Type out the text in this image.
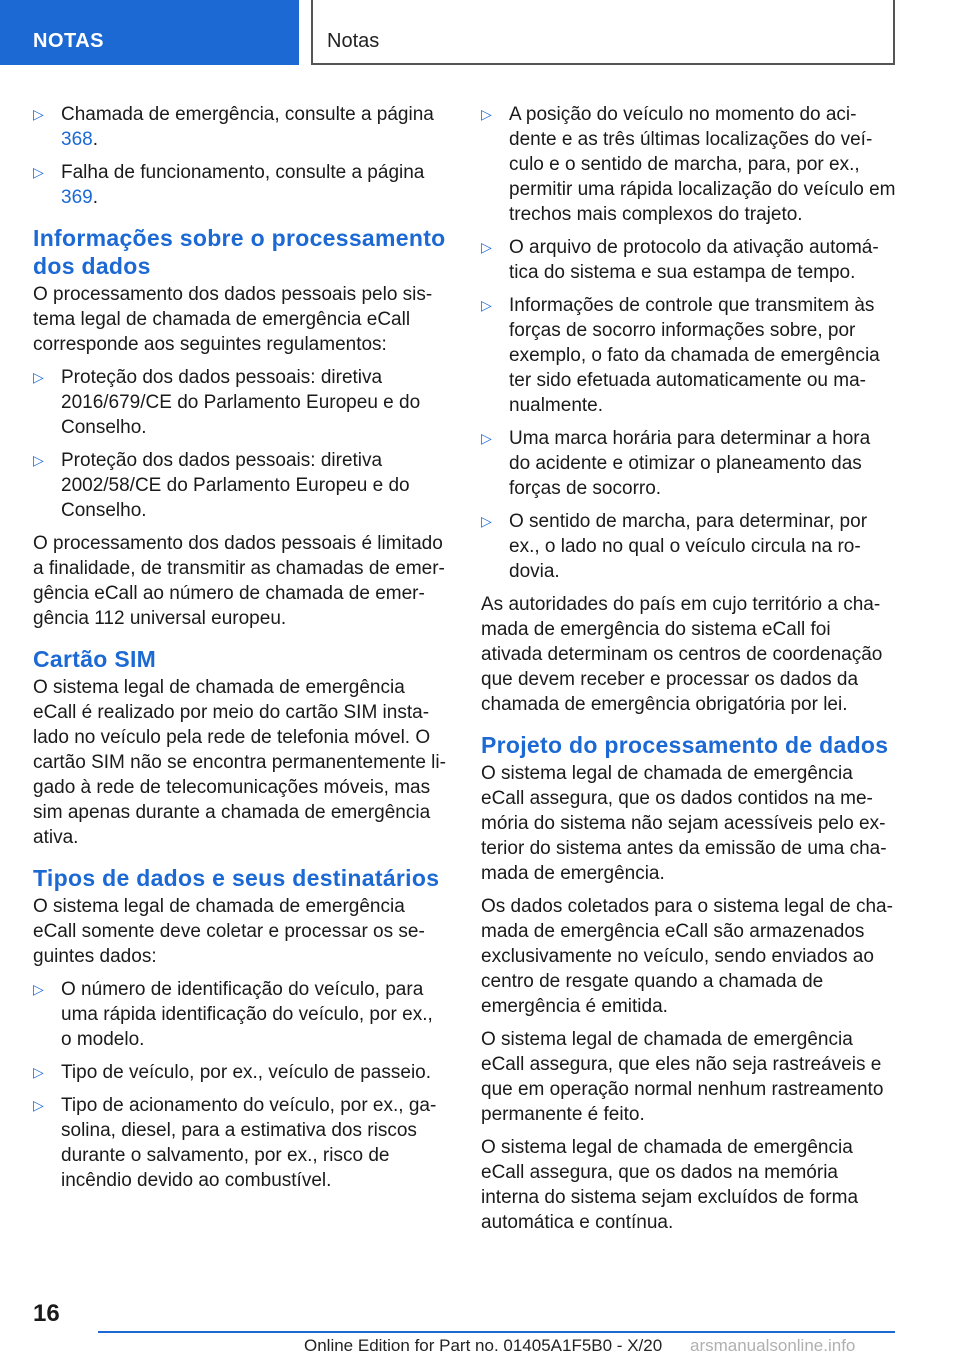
NOTAS	Notas
▷ Chamada de emergência, consulte a página 368.
▷ Falha de funcionamento, consulte a página 369.
Informações sobre o processamento dos dados

O processamento dos dados pessoais pelo sistema legal de chamada de emergência eCall corresponde aos seguintes regulamentos:

▷ Proteção dos dados pessoais: diretiva 2016/679/CE do Parlamento Europeu e do Conselho.
▷ Proteção dos dados pessoais: diretiva 2002/58/CE do Parlamento Europeu e do Conselho.

O processamento dos dados pessoais é limitado a finalidade, de transmitir as chamadas de emergência eCall ao número de chamada de emergência 112 universal europeu.

Cartão SIM

O sistema legal de chamada de emergência eCall é realizado por meio do cartão SIM instalado no veículo pela rede de telefonia móvel. O cartão SIM não se encontra permanentemente ligado à rede de telecomunicações móveis, mas sim apenas durante a chamada de emergência ativa.

Tipos de dados e seus destinatários

O sistema legal de chamada de emergência eCall somente deve coletar e processar os seguintes dados:

▷ O número de identificação do veículo, para uma rápida identificação do veículo, por ex., o modelo.
▷ Tipo de veículo, por ex., veículo de passeio.
▷ Tipo de acionamento do veículo, por ex., gasolina, diesel, para a estimativa dos riscos durante o salvamento, por ex., risco de incêndio devido ao combustível.
▷ A posição do veículo no momento do acidente e as três últimas localizações do veículo e o sentido de marcha, para, por ex., permitir uma rápida localização do veículo em trechos mais complexos do trajeto.
▷ O arquivo de protocolo da ativação automática do sistema e sua estampa de tempo.
▷ Informações de controle que transmitem às forças de socorro informações sobre, por exemplo, o fato da chamada de emergência ter sido efetuada automaticamente ou manualmente.
▷ Uma marca horária para determinar a hora do acidente e otimizar o planeamento das forças de socorro.
▷ O sentido de marcha, para determinar, por ex., o lado no qual o veículo circula na rodovia.

As autoridades do país em cujo território a chamada de emergência do sistema eCall foi ativada determinam os centros de coordenação que devem receber e processar os dados da chamada de emergência obrigatória por lei.

Projeto do processamento de dados

O sistema legal de chamada de emergência eCall assegura, que os dados contidos na memória do sistema não sejam acessíveis pelo exterior do sistema antes da emissão de uma chamada de emergência.

Os dados coletados para o sistema legal de chamada de emergência eCall são armazenados exclusivamente no veículo, sendo enviados ao centro de resgate quando a chamada de emergência é emitida.

O sistema legal de chamada de emergência eCall assegura, que eles não seja rastreáveis e que em operação normal nenhum rastreamento permanente é feito.

O sistema legal de chamada de emergência eCall assegura, que os dados na memória interna do sistema sejam excluídos de forma automática e contínua.

16
Online Edition for Part no. 01405A1F5B0 - X/20 arsmanualsonline.info
